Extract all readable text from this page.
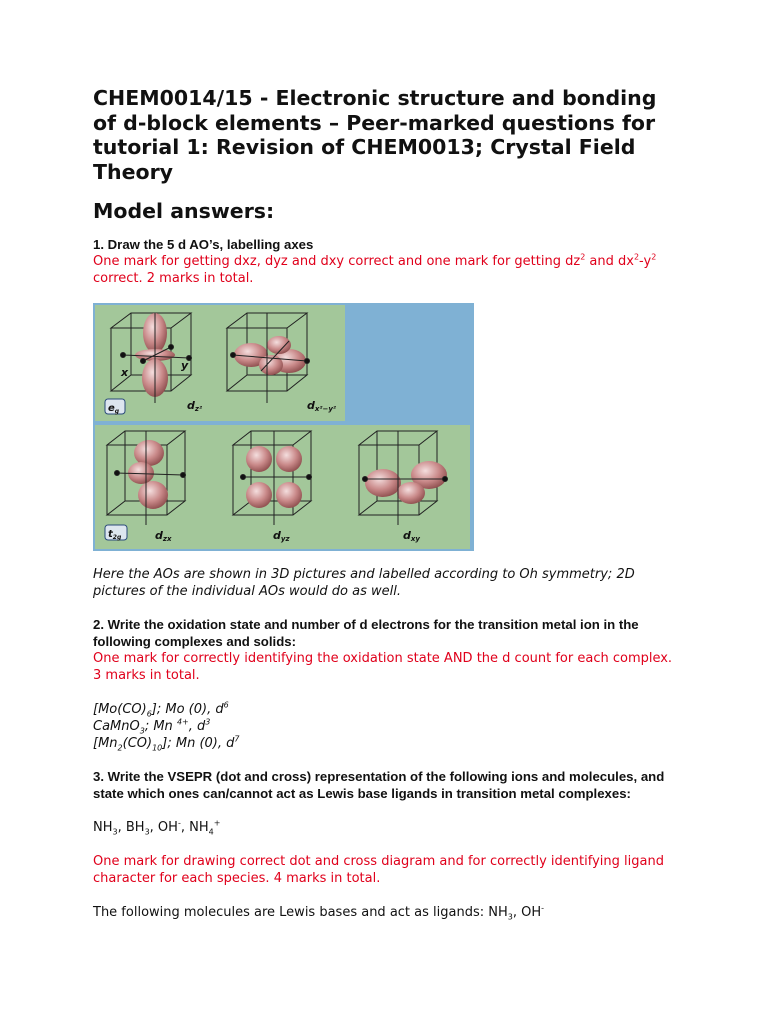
CHEM0014/15 - Electronic structure and bonding of d-block elements – Peer-marked questions for tutorial 1: Revision of CHEM0013; Crystal Field Theory

Model answers:

1. Draw the 5 d AO’s, labelling axes

One mark for getting dxz, dyz and dxy correct and one mark for getting $dz^2$ and $dx^2-y^2$ correct. 2 marks in total.

x
y
$e_g$	dz²	dx²−y²
$t_{2g}$	dzx	dyz	dxy

Here the AOs are shown in 3D pictures and labelled according to Oh symmetry; 2D pictures of the individual AOs would do as well.

2. Write the oxidation state and number of d electrons for the transition metal ion in the following complexes and solids:

One mark for correctly identifying the oxidation state AND the d count for each complex. 3 marks in total.

$[Mo(CO)_6]$; Mo (0), $d^6$

CaMnO$_3$; Mn $^{4+}$, $d^3$

$[Mn_2(CO)_{10}]$; Mn (0), $d^7$

3. Write the VSEPR (dot and cross) representation of the following ions and molecules, and state which ones can/cannot act as Lewis base ligands in transition metal complexes:

$NH_3$, $BH_3$, OH-, $NH_4^+$

One mark for drawing correct dot and cross diagram and for correctly identifying ligand character for each species. 4 marks in total.

The following molecules are Lewis bases and act as ligands: $NH_3$, OH-
